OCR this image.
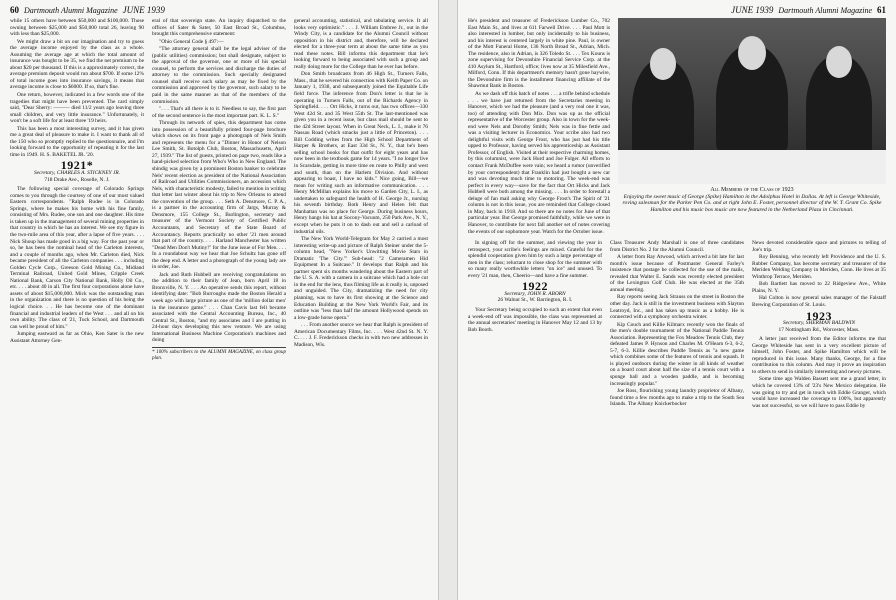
60 Dartmouth Alumni Magazine JUNE 1939

while 15 others have between $50,000 and $100,000. Those owning between $25,000 and $50,000 total 26, leaving 90 with less than $25,000.

We might draw a bit on our imagination and try to guess the average income enjoyed by the class as a whole. Assuming the average age at which the total amount of insurance was bought to be 35, we find the net premium to be about $20 per thousand. If this is a approximately correct, the average premium deposit would run about $700. If some 12% of total income goes into insurance savings, it means that average income is close to $6000. If so, that's fine.

One return, however, indicated in a few words one of the tragedies that might have been prevented. The card simply said, "Dear Sherry: ——— died 11/2 years ago leaving three small children, and very little insurance." Unfortunately, it won't be a soft life for at least three '19 heirs.

This has been a most interesting survey, and it has given me a great deal of pleasure to make it. I want to thank all of the 150 who so promptly replied to the questionnaire, and I'm looking forward to the opportunity of repeating it for the last time in 1949. H. S. BAKETEL JR. '20.

1921*
Secretary, CHARLES A. STICKNEY JR.
718 Drake Ave., Roselle, N. J.

The following special coverage of Colorado Springs comes to you through the courtesy of one of our most valued Eastern correspondents. "Ralph Rudee is in Colorado Springs, where he makes his home with his fine family, consisting of Mrs. Rudee, one son and one daughter. His time is taken up in the management of several mining properties in that country in which he has an interest. We see my figure in the two-mile area of this year, after a lapse of five years. . . . Nick Shoup has made good in a big way. For the past year or so, he has been the nominal head of the Carleton interests, and a couple of months ago, when Mr. Carleton died, Nick became president of all the Carleton companies . . . including Golden Cycle Corp., Greeson Gold Mining Co., Midland Terminal Railroad, United Gold Mines, Cripple Creek National Bank, Carson City National Bank, Holly Oil Co., etc. . . . about 40 in all. The first four corporations alone have assets of about $15,000,000. Mick was the outstanding man in the organization and there is no question of his being the logical choice. . . He has become one of the dominant financial and industrial leaders of the West . . . and all on his own ability. The class of '21, Tuck School, and Dartmouth can well be proud of him."

Jumping eastward as far as Ohio, Ken Sater is the new Assistant Attorney Gen-

eral of that sovereign state. An inquiry dispatched to the offices of Sater & Sater, 50 East Broad St., Columbus, brought this comprehensive statement:

"Ohio General Code § 497:—

"The attorney general shall be the legal adviser of the (public utilities) commission; but shall designate, subject to the approval of the governor, one or more of his special counsel, to perform the services and discharge the duties of attorney to the commission. Such specially designated counsel shall receive such salary as may be fixed by the commission and approved by the governor, such salary to be paid in the same manner as that of the members of the commission.

". . . That's all there is to it. Needless to say, the first part of the second sentence is the most important part. K. L. S."

Through its network of spies, this department has come into possession of a beautifully printed four-page brochure which shows on its front page a photograph of Nels Smith and represents the menu for a "Dinner in Honor of Nelson Lee Smith, St. Botolph Club, Boston, Massachusetts, April 27, 1939." The list of guests, printed on page two, reads like a hand-picked selection from Who's Who in New England. The shindig was given by a prominent Boston banker to celebrate Nels' recent election as president of the National Association of Railroad and Utilities Commissioners, an accession which Nels, with characteristic modesty, failed to mention in writing that letter last winter about his trip to New Orleans to attend the convention of the group. . . . Seth A. Densmore, C. P. A., is a partner in the accounting firm of Jargs, Murray & Densmore, 155 College St., Burlington, secretary and treasurer of the Vermont Society of Certified Public Accountants, and Secretary of the State Board of Accountancy. Reports practically no other '21 men around that part of the country. . . . Harland Manchester has written "Dead Men Don't Mutiny!" for the June issue of For Men. . . . In a roundabout way we hear that Joe Schultz has gone off the deep end. A letter and a photograph of the young lady are in order, Joe.

Jack and Ruth Hubbell are receiving congratulations on the addition to their family of Jean, born April 18 in Bronxville, N. Y. . . . An operative sends this report, without identifying date: "Bob Burroughs made the Boston Herald a week ago with large picture as one of the 'million dollar men' in the insurance game." . . . Chan Cavis last fell became associated with the Central Accounting Bureau, Inc., 40 Central St., Boston, "and my associates and I are putting in 24-hour days developing this new venture. We are using International Business Machine Corporation's machines and doing

* 100% subscribers to the ALUMNI MAGAZINE, on class group plan.

general accounting, statistical, and tabulating service. It all looks very optimistic." . . . J. William Embree Jr., out in the Windy City, is a candidate for the Alumni Council without opposition in his district and, therefore, will be declared elected for a three-year term at about the same time as you read these notes. Bill informs this department that he's looking forward to being associated with such a group and really doing more for the College than he ever has before.

Don Smith broadcasts from 46 High St., Turners Falls, Mass., that he severed his connection with Keith Paper Co. on January 1, 1938, and subsequently joined the Equitable Life field force. The inference from Don's letter is that he is operating in Turners Falls, out of the Richards Agency in Springfield. . . . Ort Hicks, it turns out, has two offices—330 West 42d St. and 35 West 55th St. The last-mentioned was given you in a recent issue, but class mail should be sent to the 42d Street layout. When in Great Neck, L. I., make it 76 Nassau Road (which smacks just a little of Princeton). . . . Bill Codding writes from the High School Department of Harper & Brothers, at East 33d St., N. Y., that he's been selling school books for that outfit for eight years and has now been in the textbook game for 14 years. "I no longer live in Scarsdale, getting in more time en route to Philly and west and south, than on the Harlem Division. And without appearing to boast, I have no kids." Nice going, Bill—we mean for writing such an informative communication. . . . Henry McMillan explains his move to Garden City, L. I., as undertaken to safeguard the health of H. George Jr., nursing his seventh birthday. Both Henry and Helen felt that Manhattan was no place for George. During business hours, Henry hangs his hat at Socony-Vacuum, 250 Park Ave., N. Y., except when he puts it on to dash out and sell a carload of industrial oils.

The New York World-Telegram for May 2 carried a most interesting write-up and picture of Ralph Steiner under the 5-column head, "New Yorker's Unwitting Movie Stars in Dramatic 'The City.'" Sub-head: "2 Cameramen Hid Equipment In a Suitcase." It develops that Ralph and his partner spent six months wandering about the Eastern part of the U. S. A. with a camera in a suitcase which had a hole cut in the end for the lens, thus filming life as it really is, unposed and unguided. The City, dramatizing the need for city planning, was to have its first showing at the Science and Education Building at the New York World's Fair, and its outline was "less than half the amount Hollywood spends on a low-grade horse opera."

. . . From another source we hear that Ralph is president of American Documentary Films, Inc. . . . West 42nd St. N. Y. C. . . . J. F. Frederickson checks in with two new addresses in Madison, Wis.

JUNE 1939 Dartmouth Alumni Magazine 61

He's president and treasurer of Frederickson Lumber Co., 702 East Main St., and lives at 611 Farwell Drive. . . . Paul Mott is also interested in lumber, but only incidentally to his business, and his interest is centered largely in white pine. Paul, is owner of the Mott Funeral Home, 136 North Broad St., Adrian, Mich. The residence, also in Adrian, is 326 Toledo St. . . . Tex Kouns is zone supervising for Devonshire Financial Service Corp. at the 410 Asylum St., Hartford, office; lives now at 35 Milesfield Ave., Milford, Conn. If this department's memory hasn't gone haywire, the Devonshire firm is the installment financing affiliate of the Shawmut Bank in Boston.

As we dash off this batch of notes . . . a trifle behind schedule . . . we have just returned from the Secretaries meeting in Hanover, which we had the pleasure (and a very real one it was, too) of attending with Don Mix. Don was up as the official representative of the Worcester group. Also in town for the week-end were Nels and Dorothy Smith; Nels was in fine fettle and was a visiting lecturer in Economics. Your scribe also had two delightful visits with George Frost, who has just had his title upped to Professor, having served his apprenticeship as Assistant Professor, of English. Visited at their respective charming homes, by this columnist, were Jack Hurd and Joe Folger. All efforts to contact Frank McDuffee were vain; we heard a rumor (unverified by your correspondent) that Franklin had just bought a new car and was devoting much time to motoring. The week-end was perfect in every way—save for the fact that Ort Hicks and Jack Hubbell were both among the missing. . . . In order to forestall a deluge of fan mail asking why George Frost's The Spirit of '21 column is not in this issue, you are reminded that College closed in May, back in 1918. And so there are no notes for June of that particular year. But George promised faithfully, while we were in Hanover, to contribute for next fall another set of notes covering the events of our sophomore year. Watch for the October issue.

All Members of the Class of 1923
Enjoying the sweet music of George (Spike) Hamilton in the Adolphus Hotel in Dallas. At left is George Whiteside, roving salesman for the Parker Pen Co. and at right John E. Foster, personnel director of the W. T. Grant Co. Spike Hamilton and his music box music are now featured in the Netherland Plaza in Cincinnati.

In signing off for the summer, and viewing the year in retrospect, your scribe's feelings are mixed. Grateful for the splendid cooperation given him by such a large percentage of men in the class; reluctant to close shop for the summer with so many really worthwhile letters "on ice" and unused. To every '21 man, then, Cheerio—and have a fine summer.

1922
Secretary, JOHN R. ABORN
26 Walnut St., W. Barrington, R. I.

Your Secretary being occupied to such an extent that even a week-end off was impossible, the class was represented at the annual secretaries' meeting in Hanover May 12 and 13 by Bob Booth.

Class Treasurer Andy Marshall is one of three candidates from District No. 2 for the Alumni Council.

A letter from Ray Atwood, which arrived a bit late for last month's issue because of Postmaster General Farley's insistence that postage be collected for the use of the mails, revealed that Walter E. Sands was recently elected president of the Lexington Golf Club. He was elected at the 35th annual meeting.

Ray reports seeing Jack Strauss on the street in Boston the other day. Jack is still in the investment business with Slayton Leatroyd, Inc., and has taken up music as a hobby. He is connected with a symphony orchestra winter.

Kip Couch and Killie Kilmarx recently won the finals of the men's double tournament of the National Paddle Tennis Association. Representing the Fox Meadow Tennis Club, they defeated James P. Hynson and Charles M. O'Hearn 6-3, 6-2, 5-7, 6-3. Killie describes Paddle Tennis as "a new game which combines some of the features of tennis and squash. It is played outdoors during the winter in all kinds of weather on a board court about half the size of a tennis court with a sponge ball and a wooden paddle, and is becoming increasingly popular."

Joe Ross, flourishing young laundry proprietor of Albany, found time a few months ago to make a trip to the South Sea Islands. The Albany Knickerbocker

News devoted considerable space and pictures to telling of Joe's trip.

Roy Benning, who recently left Providence and the U. S. Rubber Company, has become secretary and treasurer of the Meriden Welding Company in Meriden, Conn. He lives at 35 Winthrop Terrace, Meriden.

Bob Bartlett has moved to 22 Ridgeview Ave., White Plains, N. Y.

Hal Colton is now general sales manager of the Falstaff Brewing Corporation of St. Louis.

1923
Secretary, SHERMAN BALDWIN
17 Nottingham Rd., Worcester, Mass.

A letter just received from the Editor informs me that George Whiteside has sent in a very excellent picture of himself, John Foster, and Spike Hamilton which will be reproduced in this issue. Many thanks, George, for a fine contribution to this column. And may it prove an inspiration to others to send in similarly interesting and newsy pictures.

Some time ago Walden Bassett sent me a grand letter, in which he covered 13% of '23's New Mexico delegation. He was going to try and get in touch with Eddie Granger, which would have increased the coverage to 100%, but apparently was not successful, so we will have to pass Eddie by
